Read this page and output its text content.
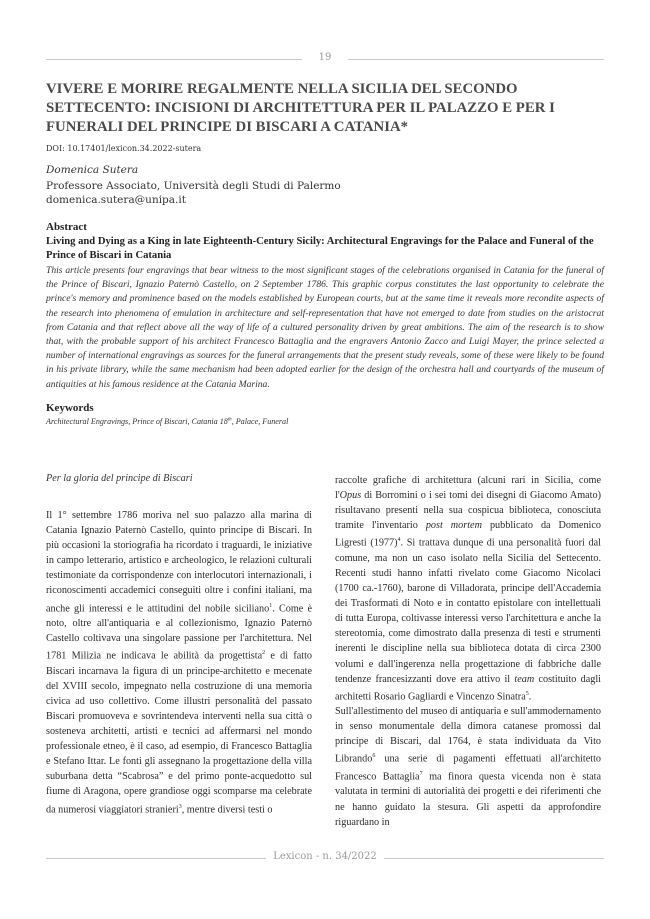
19
VIVERE E MORIRE REGALMENTE NELLA SICILIA DEL SECONDO SETTECENTO: INCISIONI DI ARCHITETTURA PER IL PALAZZO E PER I FUNERALI DEL PRINCIPE DI BISCARI A CATANIA*
DOI: 10.17401/lexicon.34.2022-sutera
Domenica Sutera
Professore Associato, Università degli Studi di Palermo
domenica.sutera@unipa.it
Abstract
Living and Dying as a King in late Eighteenth-Century Sicily: Architectural Engravings for the Palace and Funeral of the Prince of Biscari in Catania
This article presents four engravings that bear witness to the most significant stages of the celebrations organised in Catania for the funeral of the Prince of Biscari, Ignazio Paternò Castello, on 2 September 1786. This graphic corpus constitutes the last opportunity to celebrate the prince's memory and prominence based on the models established by European courts, but at the same time it reveals more recondite aspects of the research into phenomena of emulation in architecture and self-representation that have not emerged to date from studies on the aristocrat from Catania and that reflect above all the way of life of a cultured personality driven by great ambitions. The aim of the research is to show that, with the probable support of his architect Francesco Battaglia and the engravers Antonio Zacco and Luigi Mayer, the prince selected a number of international engravings as sources for the funeral arrangements that the present study reveals, some of these were likely to be found in his private library, while the same mechanism had been adopted earlier for the design of the orchestra hall and courtyards of the museum of antiquities at his famous residence at the Catania Marina.
Keywords
Architectural Engravings, Prince of Biscari, Catania 18th, Palace, Funeral
Per la gloria del principe di Biscari

Il 1° settembre 1786 moriva nel suo palazzo alla marina di Catania Ignazio Paternò Castello, quinto principe di Biscari. In più occasioni la storiografia ha ricordato i traguardi, le iniziative in campo letterario, artistico e archeologico, le relazioni culturali testimoniate da corrispondenze con interlocutori internazionali, i riconoscimenti accademici conseguiti oltre i confini italiani, ma anche gli interessi e le attitudini del nobile siciliano$^1$. Come è noto, oltre all'antiquaria e al collezionismo, Ignazio Paternò Castello coltivava una singolare passione per l'architettura. Nel 1781 Milizia ne indicava le abilità da progettista$^2$ e di fatto Biscari incarnava la figura di un principe-architetto e mecenate del XVIII secolo, impegnato nella costruzione di una memoria civica ad uso collettivo. Come illustri personalità del passato Biscari promuoveva e sovrintendeva interventi nella sua città o sosteneva architetti, artisti e tecnici ad affermarsi nel mondo professionale etneo, è il caso, ad esempio, di Francesco Battaglia e Stefano Ittar. Le fonti gli assegnano la progettazione della villa suburbana detta “Scabrosa” e del primo ponte-acquedotto sul fiume di Aragona, opere grandiose oggi scomparse ma celebrate da numerosi viaggiatori stranieri$^3$, mentre diversi testi o

raccolte grafiche di architettura (alcuni rari in Sicilia, come l'Opus di Borromini o i sei tomi dei disegni di Giacomo Amato) risultavano presenti nella sua cospicua biblioteca, conosciuta tramite l'inventario post mortem pubblicato da Domenico Ligresti $(1977)^4$. Si trattava dunque di una personalità fuori dal comune, ma non un caso isolato nella Sicilia del Settecento. Recenti studi hanno infatti rivelato come Giacomo Nicolaci (1700 ca.-1760), barone di Villadorata, principe dell'Accademia dei Trasformati di Noto e in contatto epistolare con intellettuali di tutta Europa, coltivasse interessi verso l'architettura e anche la stereotomia, come dimostrato dalla presenza di testi e strumenti inerenti le discipline nella sua biblioteca dotata di circa 2300 volumi e dall'ingerenza nella progettazione di fabbriche dalle tendenze francesizzanti dove era attivo il team costituito dagli architetti Rosario Gagliardi e Vincenzo Sinatra$^5$.

Sull'allestimento del museo di antiquaria e sull'ammodernamento in senso monumentale della dimora catanese promossi dal principe di Biscari, dal 1764, è stata individuata da Vito Librando$^6$ una serie di pagamenti effettuati all'architetto Francesco Battaglia$^7$ ma finora questa vicenda non è stata valutata in termini di autorialità dei progetti e dei riferimenti che ne hanno guidato la stesura. Gli aspetti da approfondire riguardano in

Lexicon - n. 34/2022
